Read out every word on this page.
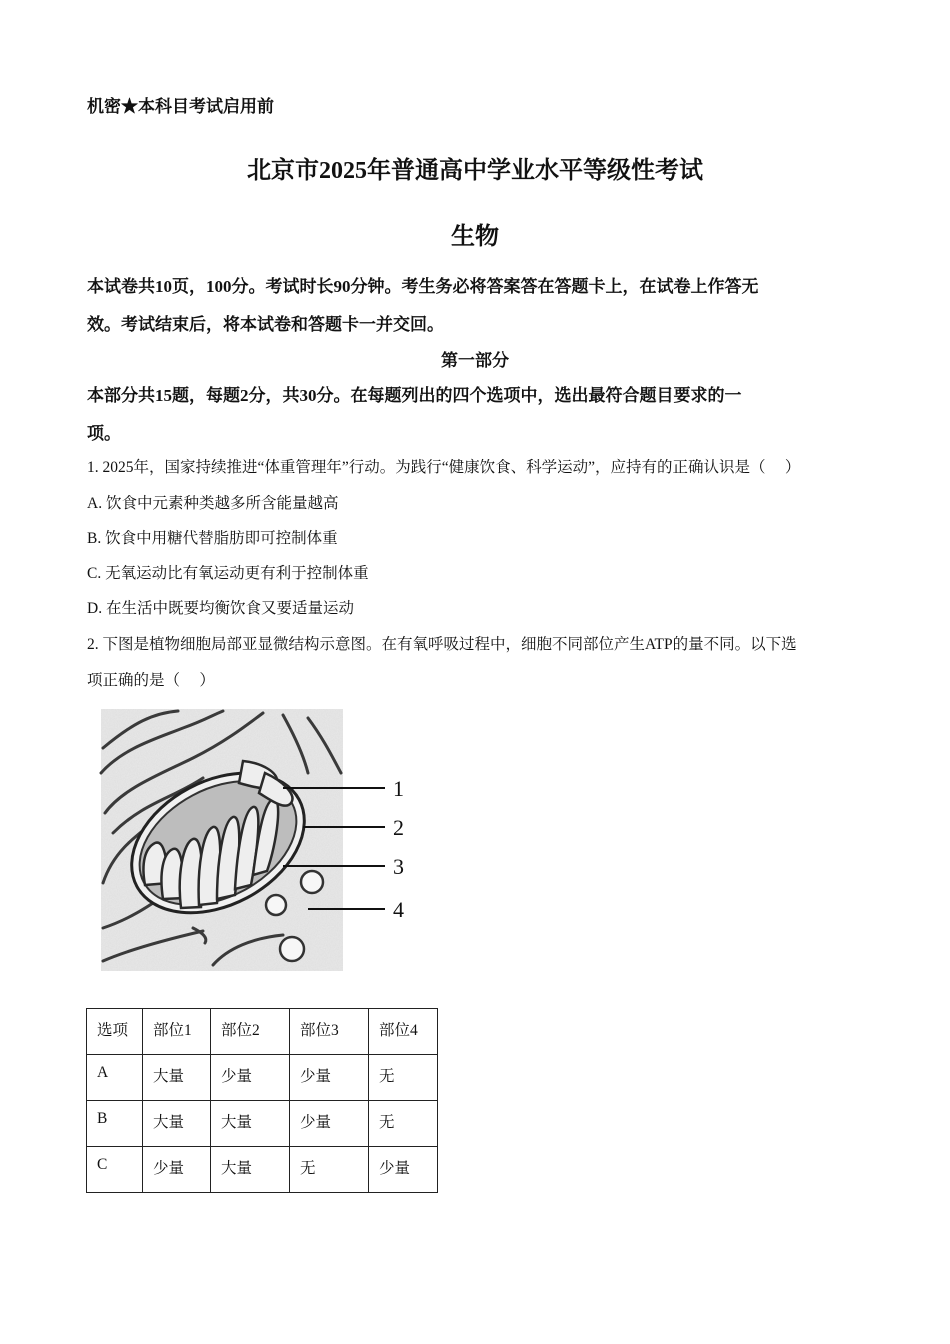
机密★本科目考试启用前
北京市2025年普通高中学业水平等级性考试
生物
本试卷共10页，100分。考试时长90分钟。考生务必将答案答在答题卡上，在试卷上作答无
效。考试结束后，将本试卷和答题卡一并交回。
第一部分
本部分共15题，每题2分，共30分。在每题列出的四个选项中，选出最符合题目要求的一
项。
1. 2025年，国家持续推进“体重管理年”行动。为践行“健康饮食、科学运动”，应持有的正确认识是（　 ）
A. 饮食中元素种类越多所含能量越高
B. 饮食中用糖代替脂肪即可控制体重
C. 无氧运动比有氧运动更有利于控制体重
D. 在生活中既要均衡饮食又要适量运动
2. 下图是植物细胞局部亚显微结构示意图。在有氧呼吸过程中，细胞不同部位产生ATP的量不同。以下选
项正确的是（　 ）
1
2
3
4
选项	部位1	部位2	部位3	部位4
A	大量	少量	少量	无
B	大量	大量	少量	无
C	少量	大量	无	少量
